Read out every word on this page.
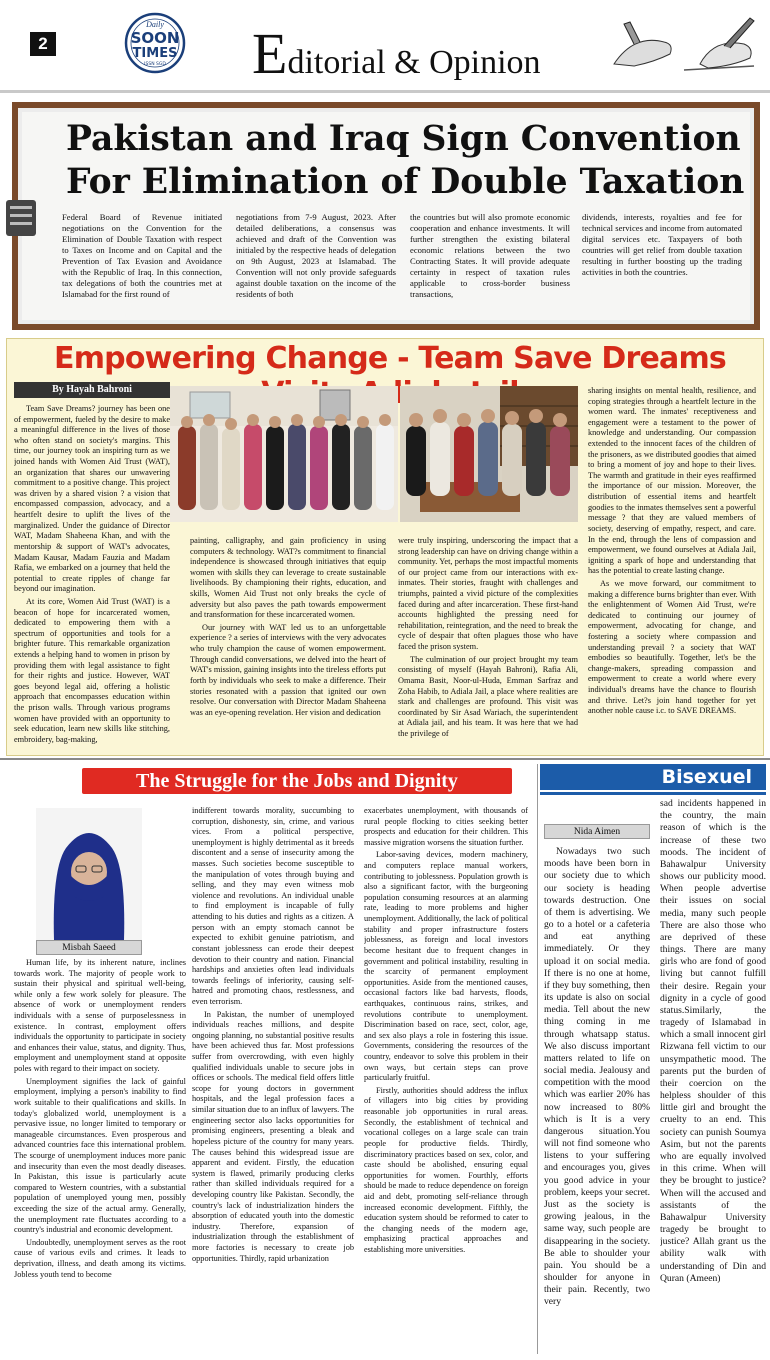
2
Daily
SOON
TIMES
ISSN SGD Editorial & Opinion
Pakistan and Iraq Sign Convention
For Elimination of Double Taxation
Federal Board of Revenue initiated negotiations on the Convention for the Elimination of Double Taxation with respect to Taxes on Income and on Capital and the Prevention of Tax Evasion and Avoidance with the Republic of Iraq. In this connection, tax delegations of both the countries met at Islamabad for the first round of
negotiations from 7-9 August, 2023. After detailed deliberations, a consensus was achieved and draft of the Convention was initialed by the respective heads of delegation on 9th August, 2023 at Islamabad. The Convention will not only provide safeguards against double taxation on the income of the residents of both
the countries but will also promote economic cooperation and enhance investments. It will further strengthen the existing bilateral economic relations between the two Contracting States. It will provide adequate certainty in respect of taxation rules applicable to cross-border business transactions,
dividends, interests, royalties and fee for technical services and income from automated digital services etc. Taxpayers of both countries will get relief from double taxation resulting in further boosting up the trading activities in both the countries.
Empowering Change - Team Save Dreams
By Hayah Bahroni

Team Save Dreams? journey has been one of empowerment, fueled by the desire to make a meaningful difference in the lives of those who often stand on society's margins. This time, our journey took an inspiring turn as we joined hands with Women Aid Trust (WAT), an organization that shares our unwavering commitment to a positive change. This project was driven by a shared vision ? a vision that encompassed compassion, advocacy, and a heartfelt desire to uplift the lives of the marginalized. Under the guidance of Director WAT, Madam Shaheena Khan, and with the mentorship & support of WAT's advocates, Madam Kausar, Madam Fauzia and Madam Rafia, we embarked on a journey that held the potential to create ripples of change far beyond our imagination.

At its core, Women Aid Trust (WAT) is a beacon of hope for incarcerated women, dedicated to empowering them with a spectrum of opportunities and tools for a brighter future. This remarkable organization extends a helping hand to women in prison by providing them with legal assistance to fight for their rights and justice. However, WAT goes beyond legal aid, offering a holistic approach that encompasses education within the prison walls. Through various programs women have provided with an opportunity to seek education, learn new skills like stitching, embroidery, bag-making,

painting, calligraphy, and gain proficiency in using computers & technology. WAT?s commitment to financial independence is showcased through initiatives that equip women with skills they can leverage to create sustainable livelihoods. By championing their rights, education, and skills, Women Aid Trust not only breaks the cycle of adversity but also paves the path towards empowerment and transformation for these incarcerated women.

Our journey with WAT led us to an unforgettable experience ? a series of interviews with the very advocates who truly champion the cause of women empowerment. Through candid conversations, we delved into the heart of WAT's mission, gaining insights into the tireless efforts put forth by individuals who seek to make a difference. Their stories resonated with a passion that ignited our own resolve. Our conversation with Director Madam Shaheena was an eye-opening revelation. Her vision and dedication

were truly inspiring, underscoring the impact that a strong leadership can have on driving change within a community. Yet, perhaps the most impactful moments of our project came from our interactions with ex-inmates. Their stories, fraught with challenges and triumphs, painted a vivid picture of the complexities faced during and after incarceration. These first-hand accounts highlighted the pressing need for rehabilitation, reintegration, and the need to break the cycle of despair that often plagues those who have faced the prison system.

The culmination of our project brought my team consisting of myself (Hayah Bahroni), Rafia Ali, Omama Basit, Noor-ul-Huda, Emman Sarfraz and Zoha Habib, to Adiala Jail, a place where realities are stark and challenges are profound. This visit was coordinated by Sir Asad Wariach, the superintendent at Adiala jail, and his team. It was here that we had the privilege of

sharing insights on mental health, resilience, and coping strategies through a heartfelt lecture in the women ward. The inmates' receptiveness and engagement were a testament to the power of knowledge and understanding. Our compassion extended to the innocent faces of the children of the prisoners, as we distributed goodies that aimed to bring a moment of joy and hope to their lives. The warmth and gratitude in their eyes reaffirmed the importance of our mission. Moreover, the distribution of essential items and heartfelt goodies to the inmates themselves sent a powerful message ? that they are valued members of society, deserving of empathy, respect, and care. In the end, through the lens of compassion and empowerment, we found ourselves at Adiala Jail, igniting a spark of hope and understanding that has the potential to create lasting change.

As we move forward, our commitment to making a difference burns brighter than ever. With the enlightenment of Women Aid Trust, we're dedicated to continuing our journey of empowerment, advocating for change, and fostering a society where compassion and understanding prevail ? a society that WAT embodies so beautifully. Together, let's be the change-makers, spreading compassion and empowerment to create a world where every individual's dreams have the chance to flourish and thrive. Let?s join hand together for yet another noble cause i.c. to SAVE DREAMS.

The Struggle for the Jobs and Dignity	Bisexuel
Misbah Saeed
Nida Aimen

Human life, by its inherent nature, inclines towards work. The majority of people work to sustain their physical and spiritual well-being, while only a few work solely for pleasure. The absence of work or unemployment renders individuals with a sense of purposelessness in existence. In contrast, employment offers individuals the opportunity to participate in society and enhances their value, status, and dignity. Thus, employment and unemployment stand at opposite poles with regard to their impact on society.

Unemployment signifies the lack of gainful employment, implying a person's inability to find work suitable to their qualifications and skills. In today's globalized world, unemployment is a pervasive issue, no longer limited to temporary or manageable circumstances. Even prosperous and advanced countries face this international problem. The scourge of unemployment induces more panic and insecurity than even the most deadly diseases. In Pakistan, this issue is particularly acute compared to Western countries, with a substantial population of unemployed young men, possibly exceeding the size of the actual army. Generally, the unemployment rate fluctuates according to a country's industrial and economic development.

Undoubtedly, unemployment serves as the root cause of various evils and crimes. It leads to deprivation, illness, and death among its victims. Jobless youth tend to become

indifferent towards morality, succumbing to corruption, dishonesty, sin, crime, and various vices. From a political perspective, unemployment is highly detrimental as it breeds discontent and a sense of insecurity among the masses. Such societies become susceptible to the manipulation of votes through buying and selling, and they may even witness mob violence and revolutions. An individual unable to find employment is incapable of fully attending to his duties and rights as a citizen. A person with an empty stomach cannot be expected to exhibit genuine patriotism, and constant joblessness can erode their deepest devotion to their country and nation. Financial hardships and anxieties often lead individuals towards feelings of inferiority, causing self-hatred and promoting chaos, restlessness, and even terrorism.

In Pakistan, the number of unemployed individuals reaches millions, and despite ongoing planning, no substantial positive results have been achieved thus far. Most professions suffer from overcrowding, with even highly qualified individuals unable to secure jobs in offices or schools. The medical field offers little scope for young doctors in government hospitals, and the legal profession faces a similar situation due to an influx of lawyers. The engineering sector also lacks opportunities for promising engineers, presenting a bleak and hopeless picture of the country for many years. The causes behind this widespread issue are apparent and evident. Firstly, the education system is flawed, primarily producing clerks rather than skilled individuals required for a developing country like Pakistan. Secondly, the country's lack of industrialization hinders the absorption of educated youth into the domestic industry. Therefore, expansion of industrialization through the establishment of more factories is necessary to create job opportunities. Thirdly, rapid urbanization

exacerbates unemployment, with thousands of rural people flocking to cities seeking better prospects and education for their children. This massive migration worsens the situation further.

Labor-saving devices, modern machinery, and computers replace manual workers, contributing to joblessness. Population growth is also a significant factor, with the burgeoning population consuming resources at an alarming rate, leading to more problems and higher unemployment. Additionally, the lack of political stability and proper infrastructure fosters joblessness, as foreign and local investors become hesitant due to frequent changes in government and political instability, resulting in the scarcity of permanent employment opportunities. Aside from the mentioned causes, occasional factors like bad harvests, floods, earthquakes, continuous rains, strikes, and revolutions contribute to unemployment. Discrimination based on race, sect, color, age, and sex also plays a role in fostering this issue. Governments, considering the resources of the country, endeavor to solve this problem in their own ways, but certain steps can prove particularly fruitful.

Firstly, authorities should address the influx of villagers into big cities by providing reasonable job opportunities in rural areas. Secondly, the establishment of technical and vocational colleges on a large scale can train people for productive fields. Thirdly, discriminatory practices based on sex, color, and caste should be abolished, ensuring equal opportunities for women. Fourthly, efforts should be made to reduce dependence on foreign aid and debt, promoting self-reliance through increased economic development. Fifthly, the education system should be reformed to cater to the changing needs of the modern age, emphasizing practical approaches and establishing more universities.

Nowadays two such moods have been born in our society due to which our society is heading towards destruction. One of them is advertising. We go to a hotel or a cafeteria and eat anything immediately. Or they upload it on social media. If there is no one at home, if they buy something, then its update is also on social media. Tell about the new thing coming in me through whatsapp status. We also discuss important matters related to life on social media. Jealousy and competition with the mood which was earlier 20% has now increased to 80% which is It is a very dangerous situation.You will not find someone who listens to your suffering and encourages you, gives you good advice in your problem, keeps your secret. Just as the society is growing jealous, in the same way, such people are disappearing in the society. Be able to shoulder your pain. You should be a shoulder for anyone in their pain. Recently, two very

sad incidents happened in the country, the main reason of which is the increase of these two moods. The incident of Bahawalpur University shows our publicity mood. When people advertise their issues on social media, many such people There are also those who are deprived of these things. There are many girls who are fond of good living but cannot fulfill their desire. Regain your dignity in a cycle of good status.Similarly, the tragedy of Islamabad in which a small innocent girl Rizwana fell victim to our unsympathetic mood. The parents put the burden of their coercion on the helpless shoulder of this little girl and brought the cruelty to an end. This society can punish Soumya Asim, but not the parents who are equally involved in this crime. When will they be brought to justice? When will the accused and assistants of the Bahawalpur University tragedy be brought to justice? Allah grant us the ability walk with understanding of Din and Quran (Ameen)
